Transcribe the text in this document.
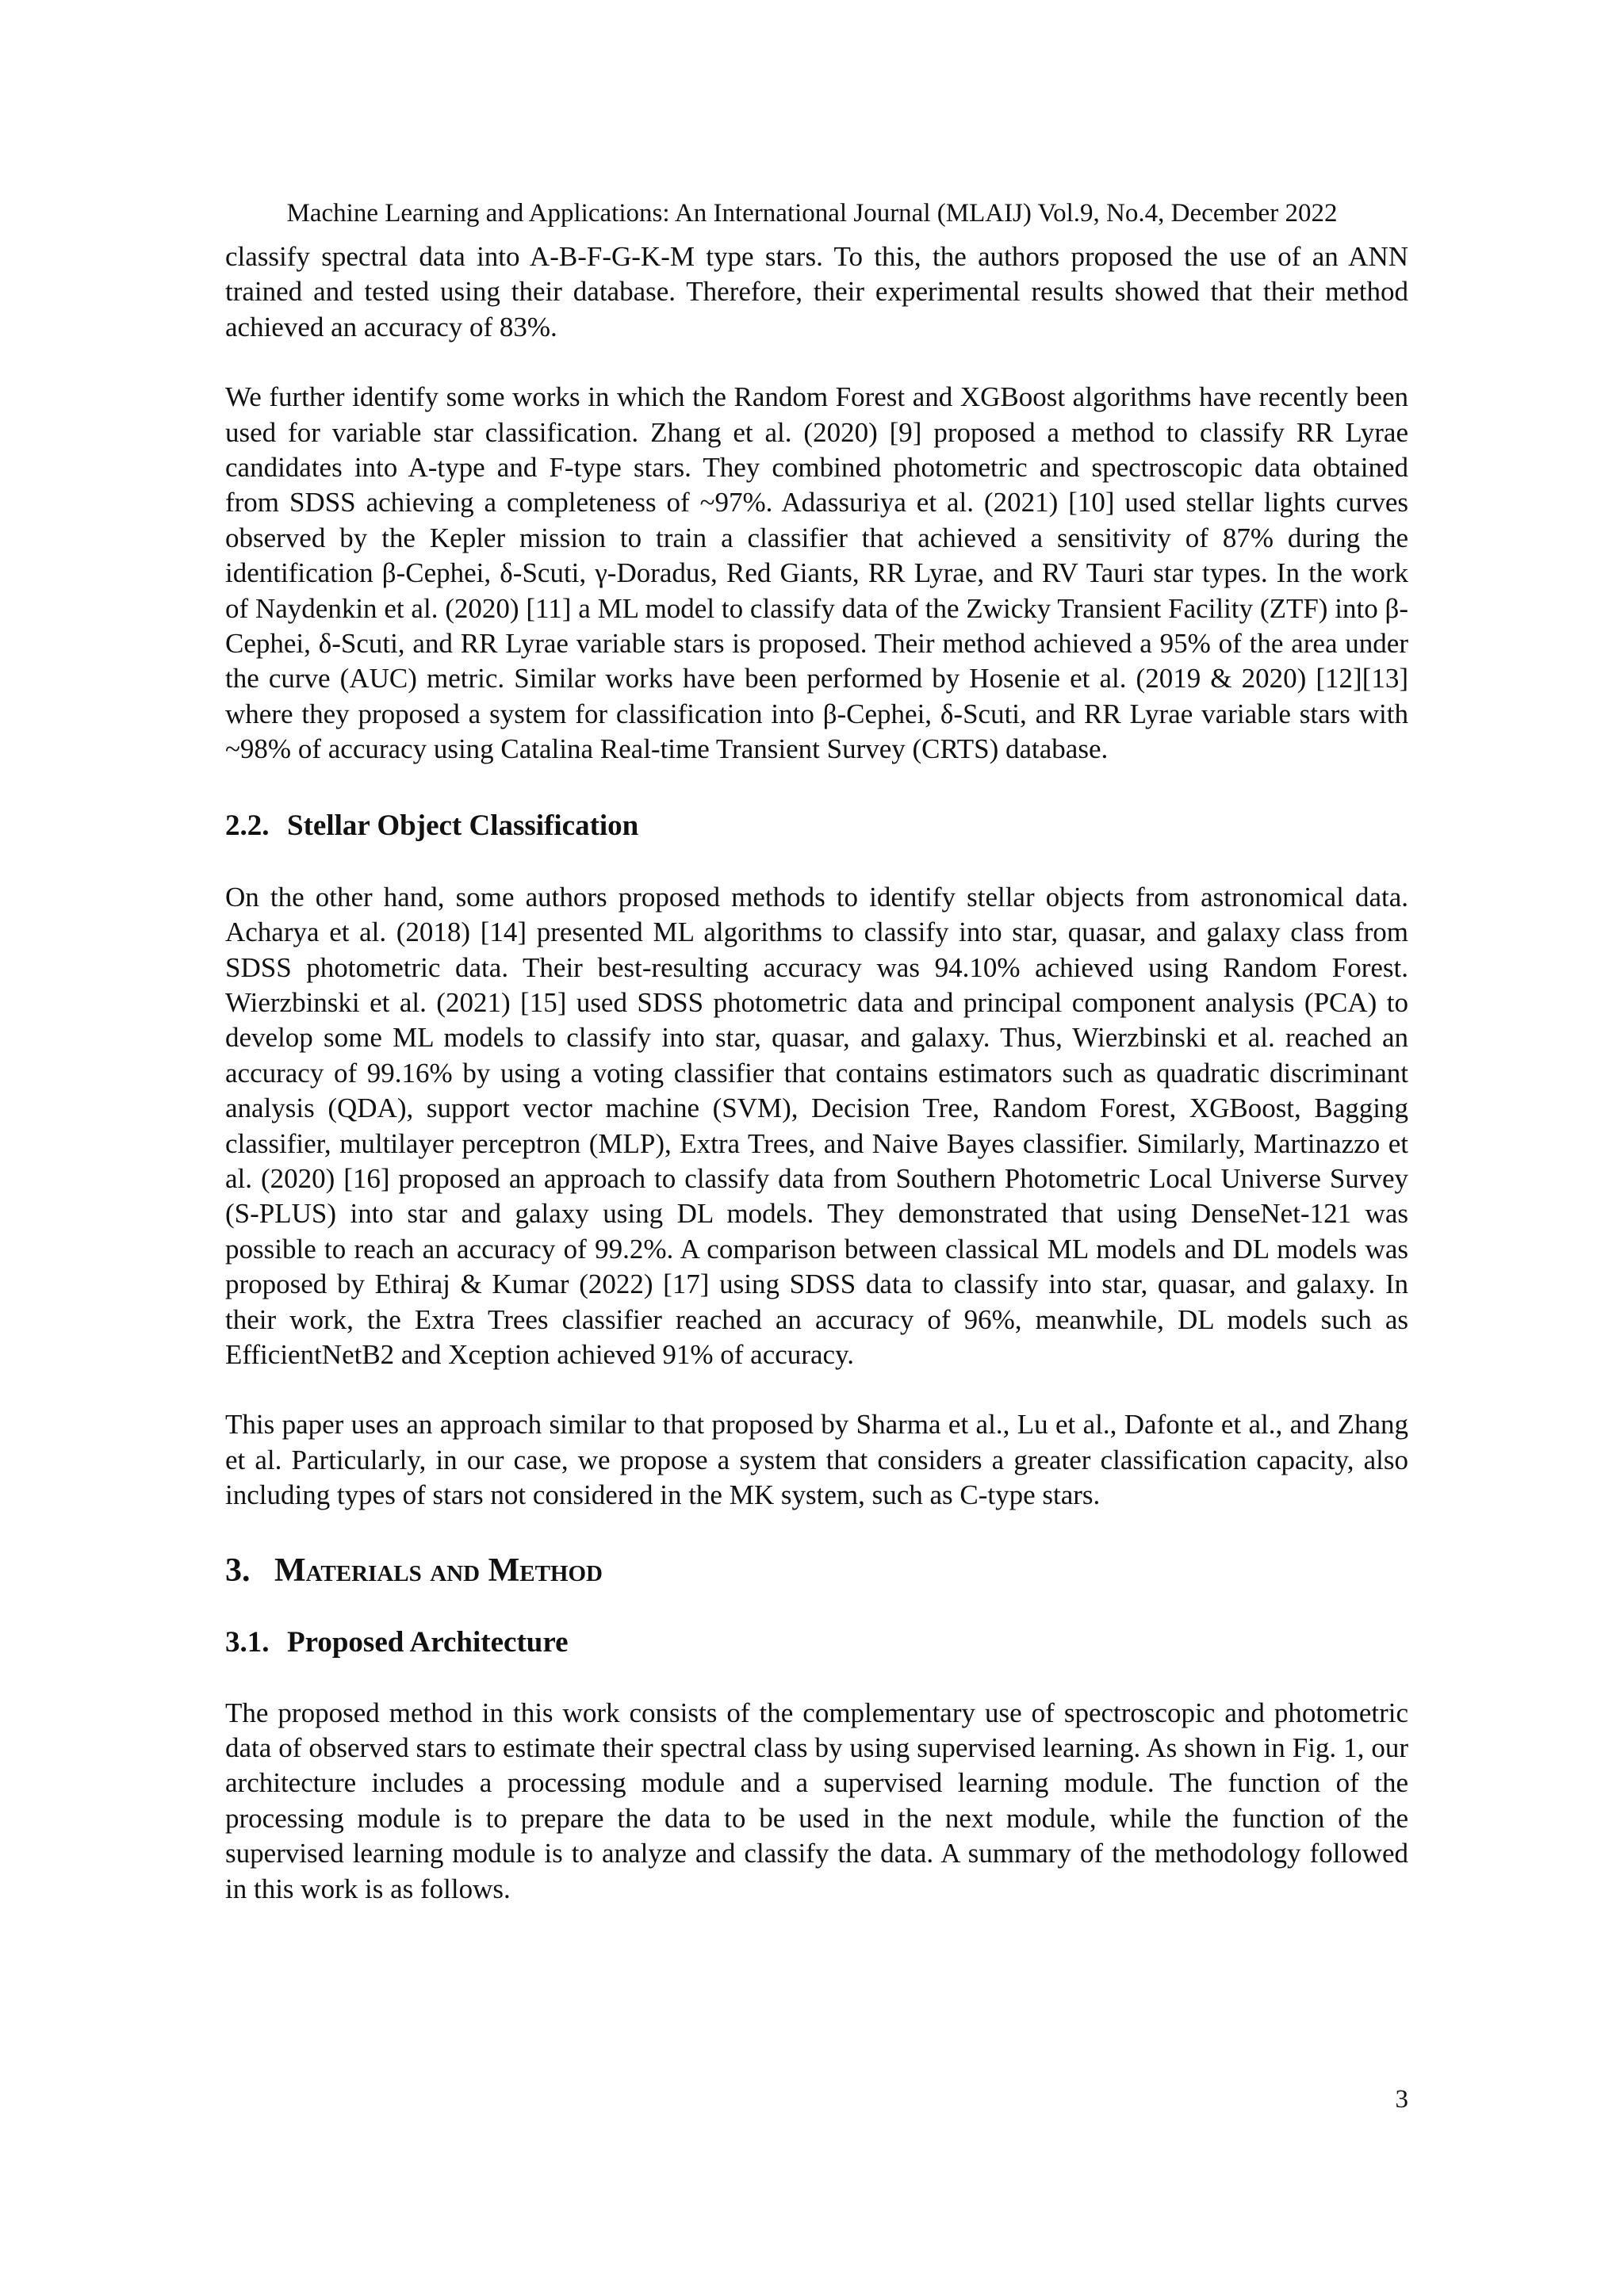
Machine Learning and Applications: An International Journal (MLAIJ) Vol.9, No.4, December 2022

classify spectral data into A-B-F-G-K-M type stars. To this, the authors proposed the use of an ANN trained and tested using their database. Therefore, their experimental results showed that their method achieved an accuracy of 83%.

We further identify some works in which the Random Forest and XGBoost algorithms have recently been used for variable star classification. Zhang et al. (2020) [9] proposed a method to classify RR Lyrae candidates into A-type and F-type stars. They combined photometric and spectroscopic data obtained from SDSS achieving a completeness of ~97%. Adassuriya et al. (2021) [10] used stellar lights curves observed by the Kepler mission to train a classifier that achieved a sensitivity of 87% during the identification β-Cephei, δ-Scuti, γ-Doradus, Red Giants, RR Lyrae, and RV Tauri star types. In the work of Naydenkin et al. (2020) [11] a ML model to classify data of the Zwicky Transient Facility (ZTF) into β-Cephei, δ-Scuti, and RR Lyrae variable stars is proposed. Their method achieved a 95% of the area under the curve (AUC) metric. Similar works have been performed by Hosenie et al. (2019 & 2020) [12][13] where they proposed a system for classification into β-Cephei, δ-Scuti, and RR Lyrae variable stars with ~98% of accuracy using Catalina Real-time Transient Survey (CRTS) database.

2.2. Stellar Object Classification

On the other hand, some authors proposed methods to identify stellar objects from astronomical data. Acharya et al. (2018) [14] presented ML algorithms to classify into star, quasar, and galaxy class from SDSS photometric data. Their best-resulting accuracy was 94.10% achieved using Random Forest. Wierzbinski et al. (2021) [15] used SDSS photometric data and principal component analysis (PCA) to develop some ML models to classify into star, quasar, and galaxy. Thus, Wierzbinski et al. reached an accuracy of 99.16% by using a voting classifier that contains estimators such as quadratic discriminant analysis (QDA), support vector machine (SVM), Decision Tree, Random Forest, XGBoost, Bagging classifier, multilayer perceptron (MLP), Extra Trees, and Naive Bayes classifier. Similarly, Martinazzo et al. (2020) [16] proposed an approach to classify data from Southern Photometric Local Universe Survey (S-PLUS) into star and galaxy using DL models. They demonstrated that using DenseNet-121 was possible to reach an accuracy of 99.2%. A comparison between classical ML models and DL models was proposed by Ethiraj & Kumar (2022) [17] using SDSS data to classify into star, quasar, and galaxy. In their work, the Extra Trees classifier reached an accuracy of 96%, meanwhile, DL models such as EfficientNetB2 and Xception achieved 91% of accuracy.

This paper uses an approach similar to that proposed by Sharma et al., Lu et al., Dafonte et al., and Zhang et al. Particularly, in our case, we propose a system that considers a greater classification capacity, also including types of stars not considered in the MK system, such as C-type stars.

3. Materials and Method
3.1. Proposed Architecture

The proposed method in this work consists of the complementary use of spectroscopic and photometric data of observed stars to estimate their spectral class by using supervised learning. As shown in Fig. 1, our architecture includes a processing module and a supervised learning module. The function of the processing module is to prepare the data to be used in the next module, while the function of the supervised learning module is to analyze and classify the data. A summary of the methodology followed in this work is as follows.

3
